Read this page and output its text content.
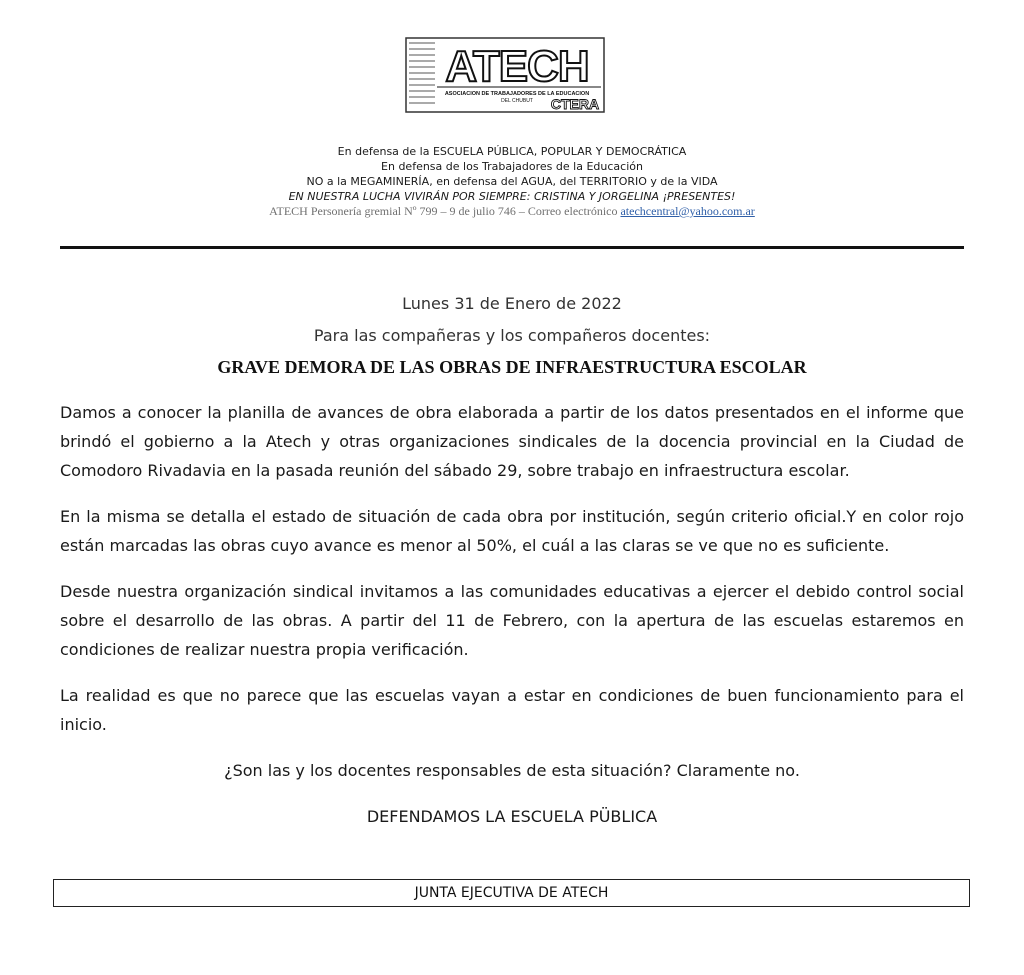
ATECH
ASOCIACION DE TRABAJADORES DE LA EDUCACION
DEL CHUBUT CTERA
En defensa de la ESCUELA PÚBLICA, POPULAR Y DEMOCRÁTICA
En defensa de los Trabajadores de la Educación
NO a la MEGAMINERÍA, en defensa del AGUA, del TERRITORIO y de la VIDA
EN NUESTRA LUCHA VIVIRÁN POR SIEMPRE: CRISTINA Y JORGELINA ¡PRESENTES!
ATECH Personería gremial Nº 799 – 9 de julio 746 – Correo electrónico atechcentral@yahoo.com.ar
Lunes 31 de Enero de 2022
Para las compañeras y los compañeros docentes:
GRAVE DEMORA DE LAS OBRAS DE INFRAESTRUCTURA ESCOLAR

Damos a conocer la planilla de avances de obra elaborada a partir de los datos presentados en el informe que brindó el gobierno a la Atech y otras organizaciones sindicales de la docencia provincial en la Ciudad de Comodoro Rivadavia en la pasada reunión del sábado 29, sobre trabajo en infraestructura escolar.

En la misma se detalla el estado de situación de cada obra por institución, según criterio oficial.Y en color rojo están marcadas las obras cuyo avance es menor al 50%, el cuál a las claras se ve que no es suficiente.

Desde nuestra organización sindical invitamos a las comunidades educativas a ejercer el debido control social sobre el desarrollo de las obras. A partir del 11 de Febrero, con la apertura de las escuelas estaremos en condiciones de realizar nuestra propia verificación.

La realidad es que no parece que las escuelas vayan a estar en condiciones de buen funcionamiento para el inicio.

¿Son las y los docentes responsables de esta situación? Claramente no.

DEFENDAMOS LA ESCUELA PÜBLICA

JUNTA EJECUTIVA DE ATECH
